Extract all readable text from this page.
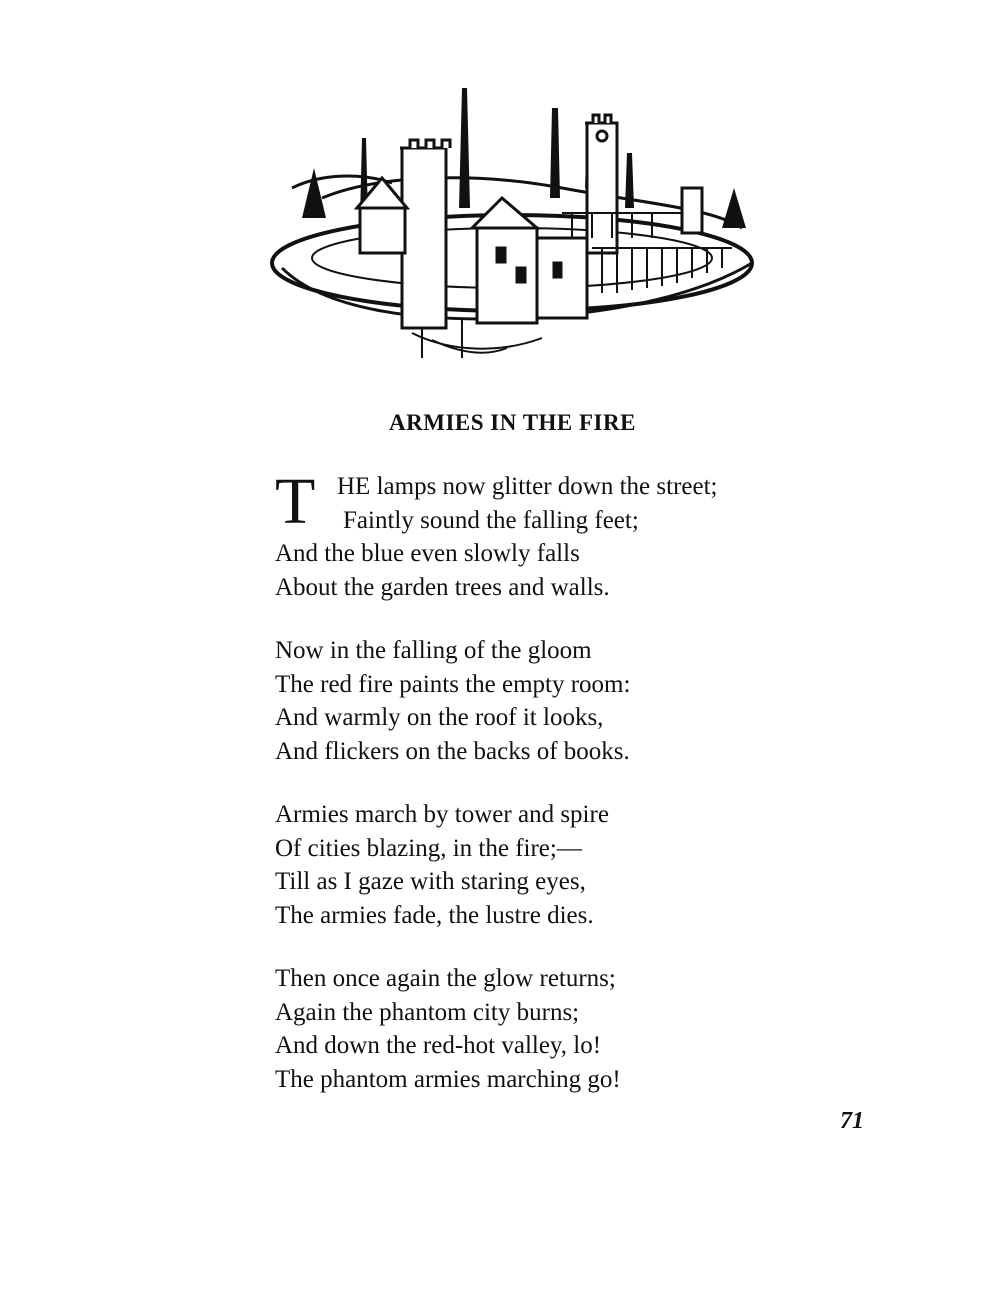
ARMIES IN THE FIRE
T HE lamps now glitter down the street;
Faintly sound the falling feet;
And the blue even slowly falls
About the garden trees and walls.
Now in the falling of the gloom
The red fire paints the empty room:
And warmly on the roof it looks,
And flickers on the backs of books.
Armies march by tower and spire
Of cities blazing, in the fire;—
Till as I gaze with staring eyes,
The armies fade, the lustre dies.
Then once again the glow returns;
Again the phantom city burns;
And down the red-hot valley, lo!
The phantom armies marching go!
71
